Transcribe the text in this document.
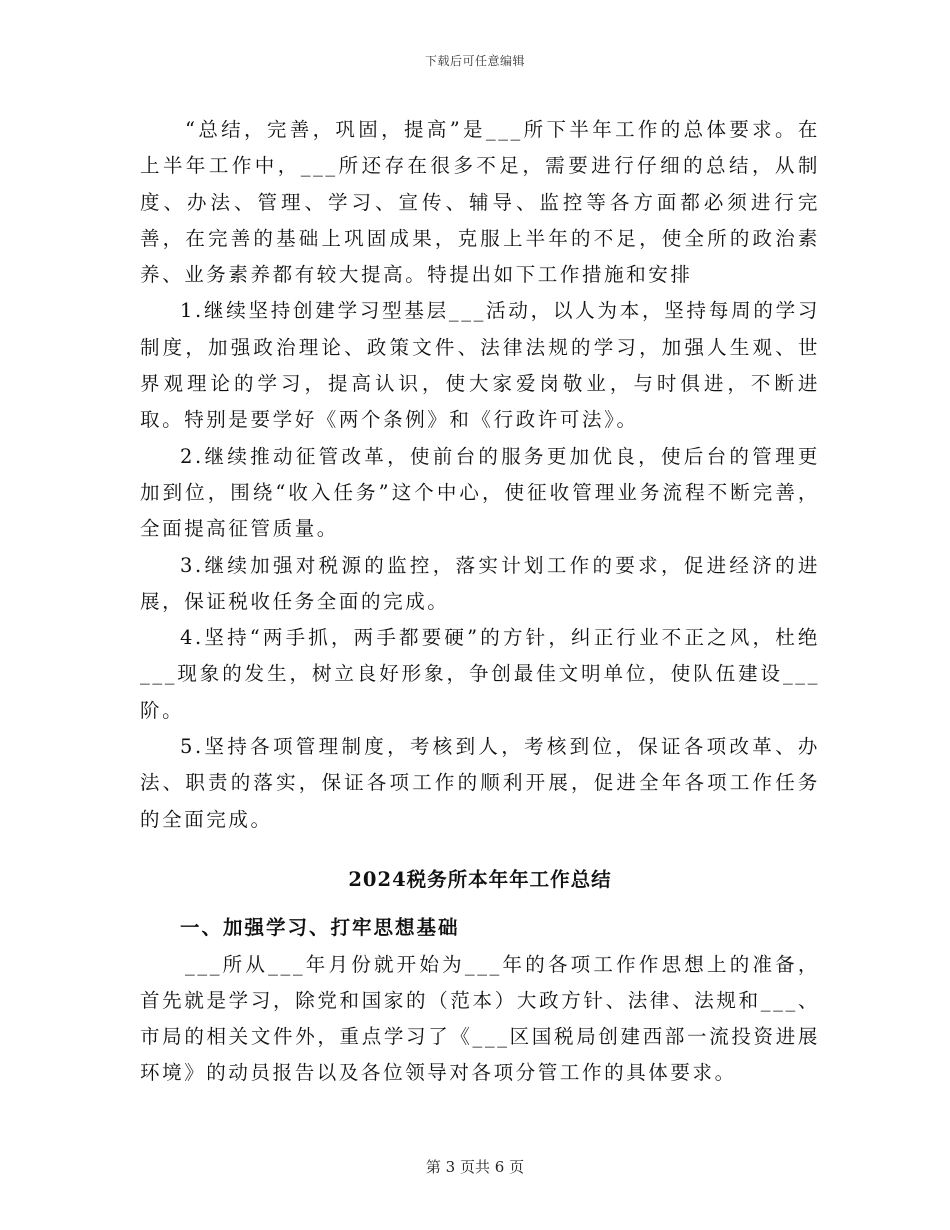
下载后可任意编辑

“总结，完善，巩固，提高”是___所下半年工作的总体要求。在上半年工作中，___所还存在很多不足，需要进行仔细的总结，从制度、办法、管理、学习、宣传、辅导、监控等各方面都必须进行完善，在完善的基础上巩固成果，克服上半年的不足，使全所的政治素养、业务素养都有较大提高。特提出如下工作措施和安排

1.继续坚持创建学习型基层___活动，以人为本，坚持每周的学习制度，加强政治理论、政策文件、法律法规的学习，加强人生观、世界观理论的学习，提高认识，使大家爱岗敬业，与时俱进，不断进取。特别是要学好《两个条例》和《行政许可法》。

2.继续推动征管改革，使前台的服务更加优良，使后台的管理更加到位，围绕“收入任务”这个中心，使征收管理业务流程不断完善，全面提高征管质量。

3.继续加强对税源的监控，落实计划工作的要求，促进经济的进展，保证税收任务全面的完成。

4.坚持“两手抓，两手都要硬”的方针，纠正行业不正之风，杜绝___现象的发生，树立良好形象，争创最佳文明单位，使队伍建设___阶。

5.坚持各项管理制度，考核到人，考核到位，保证各项改革、办法、职责的落实，保证各项工作的顺利开展，促进全年各项工作任务的全面完成。

2024税务所本年年工作总结

一、加强学习、打牢思想基础

___所从___年月份就开始为___年的各项工作作思想上的准备，首先就是学习，除党和国家的（范本）大政方针、法律、法规和___、市局的相关文件外，重点学习了《___区国税局创建西部一流投资进展环境》的动员报告以及各位领导对各项分管工作的具体要求。

第 3 页共 6 页
